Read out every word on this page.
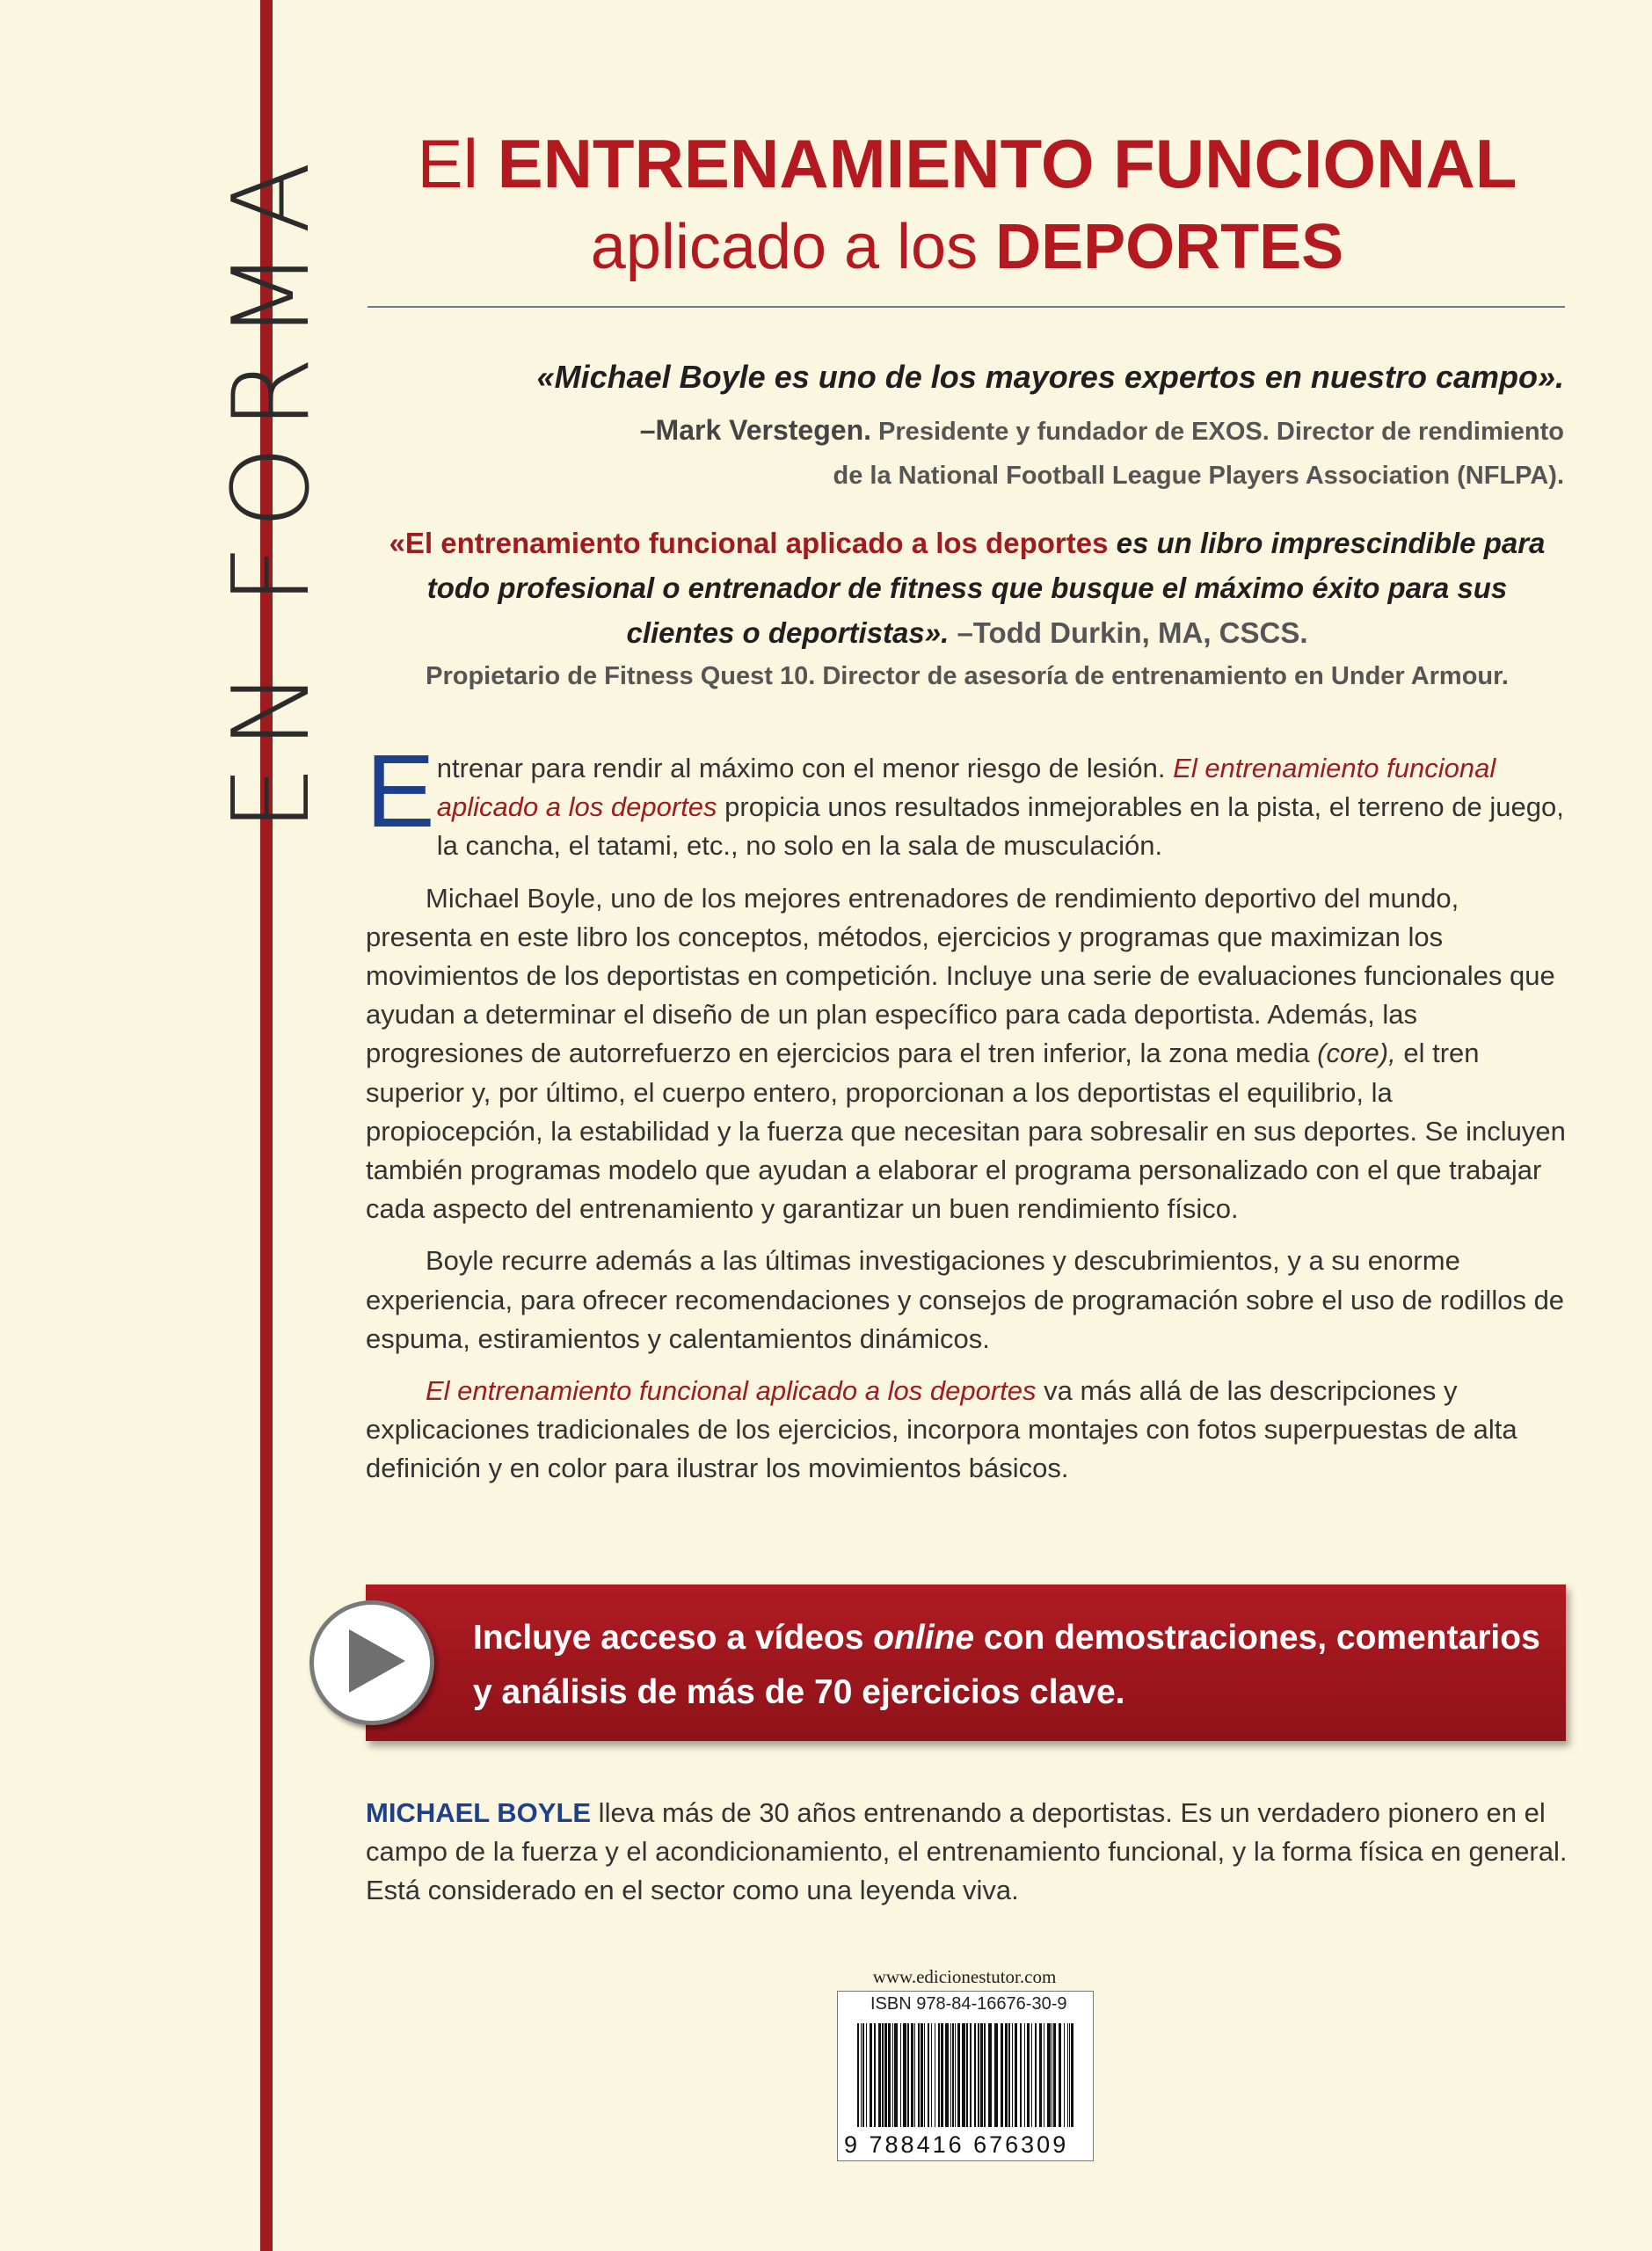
EN FORMA	El ENTRENAMIENTO FUNCIONAL
aplicado a los DEPORTES
«Michael Boyle es uno de los mayores expertos en nuestro campo».
–Mark Verstegen. Presidente y fundador de EXOS. Director de rendimiento
de la National Football League Players Association (NFLPA).
«El entrenamiento funcional aplicado a los deportes es un libro imprescindible para todo profesional o entrenador de fitness que busque el máximo éxito para sus clientes o deportistas». –Todd Durkin, MA, CSCS.
Propietario de Fitness Quest 10. Director de asesoría de entrenamiento en Under Armour.

Entrenar para rendir al máximo con el menor riesgo de lesión. El entrenamiento funcional aplicado a los deportes propicia unos resultados inmejorables en la pista, el terreno de juego, la cancha, el tatami, etc., no solo en la sala de musculación.

Michael Boyle, uno de los mejores entrenadores de rendimiento deportivo del mundo, presenta en este libro los conceptos, métodos, ejercicios y programas que maximizan los movimientos de los deportistas en competición. Incluye una serie de evaluaciones funcionales que ayudan a determinar el diseño de un plan específico para cada deportista. Además, las progresiones de autorrefuerzo en ejercicios para el tren inferior, la zona media (core), el tren superior y, por último, el cuerpo entero, proporcionan a los deportistas el equilibrio, la propiocepción, la estabilidad y la fuerza que necesitan para sobresalir en sus deportes. Se incluyen también programas modelo que ayudan a elaborar el programa personalizado con el que trabajar cada aspecto del entrenamiento y garantizar un buen rendimiento físico.

Boyle recurre además a las últimas investigaciones y descubrimientos, y a su enorme experiencia, para ofrecer recomendaciones y consejos de programación sobre el uso de rodillos de espuma, estiramientos y calentamientos dinámicos.

El entrenamiento funcional aplicado a los deportes va más allá de las descripciones y explicaciones tradicionales de los ejercicios, incorpora montajes con fotos superpuestas de alta definición y en color para ilustrar los movimientos básicos.

Incluye acceso a vídeos online con demostraciones, comentarios y análisis de más de 70 ejercicios clave.
MICHAEL BOYLE lleva más de 30 años entrenando a deportistas. Es un verdadero pionero en el campo de la fuerza y el acondicionamiento, el entrenamiento funcional, y la forma física en general. Está considerado en el sector como una leyenda viva.
www.edicionestutor.com
ISBN 978-84-16676-30-9
9 788416 676309
